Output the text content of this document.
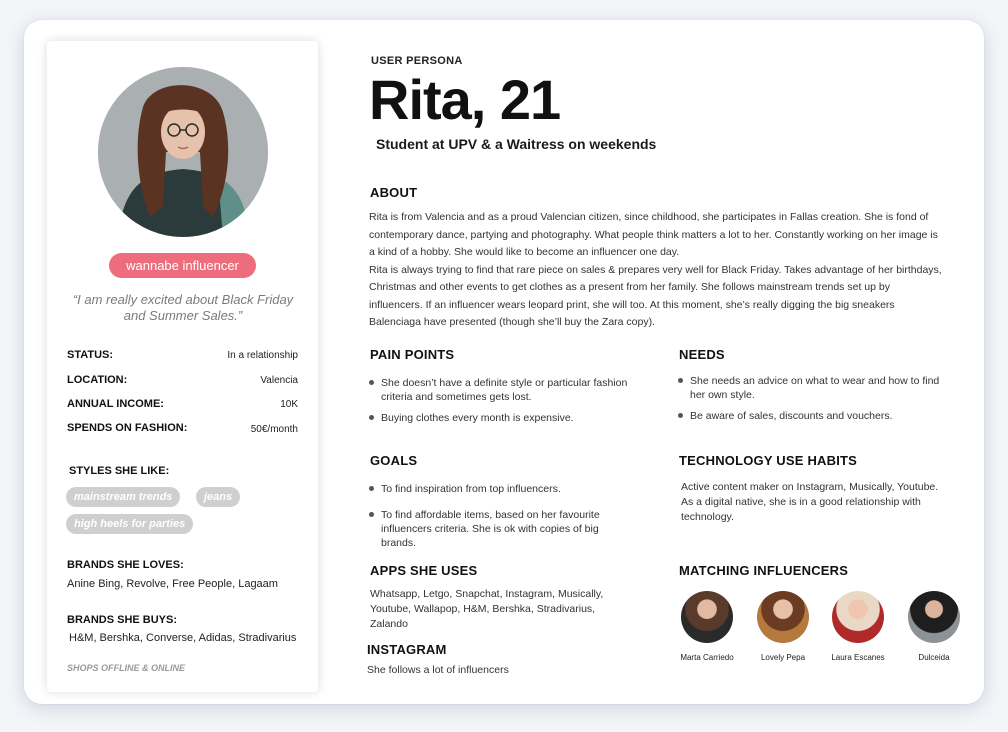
wannabe influencer
“I am really excited about Black Friday and Summer Sales.”
STATUS:	In a relationship
LOCATION:	Valencia
ANNUAL INCOME:	10K
SPENDS ON FASHION:	50€/month
STYLES SHE LIKE:
mainstream trends	jeans
high heels for parties
BRANDS SHE LOVES:
Anine Bing, Revolve, Free People, Lagaam
BRANDS SHE BUYS:
H&M, Bershka, Converse, Adidas, Stradivarius
SHOPS OFFLINE & ONLINE
USER PERSONA
Rita, 21
Student at UPV & a Waitress on weekends
ABOUT
Rita is from Valencia and as a proud Valencian citizen, since childhood, she participates in Fallas creation. She is fond of contemporary dance, partying and photography. What people think matters a lot to her. Constantly working on her image is a kind of a hobby. She would like to become an influencer one day.
Rita is always trying to find that rare piece on sales & prepares very well for Black Friday. Takes advantage of her birthdays, Christmas and other events to get clothes as a present from her family. She follows mainstream trends set up by influencers. If an influencer wears leopard print, she will too. At this moment, she’s really digging the big sneakers Balenciaga have presented (though she’ll buy the Zara copy).
PAIN POINTS
She doesn’t have a definite style or particular fashion criteria and sometimes gets lost.
Buying clothes every month is expensive.
NEEDS
She needs an advice on what to wear and how to find her own style.
Be aware of sales, discounts and vouchers.
GOALS
To find inspiration from top influencers.
To find affordable items, based on her favourite influencers criteria. She is ok with copies of big brands.
TECHNOLOGY USE HABITS
Active content maker on Instagram, Musically, Youtube. As a digital native, she is in a good relationship with technology.
APPS SHE USES
Whatsapp, Letgo, Snapchat, Instagram, Musically, Youtube, Wallapop, H&M, Bershka, Stradivarius, Zalando
INSTAGRAM
She follows a lot of influencers
MATCHING INFLUENCERS
Marta Carriedo	Lovely Pepa	Laura Escanes	Dulceida
